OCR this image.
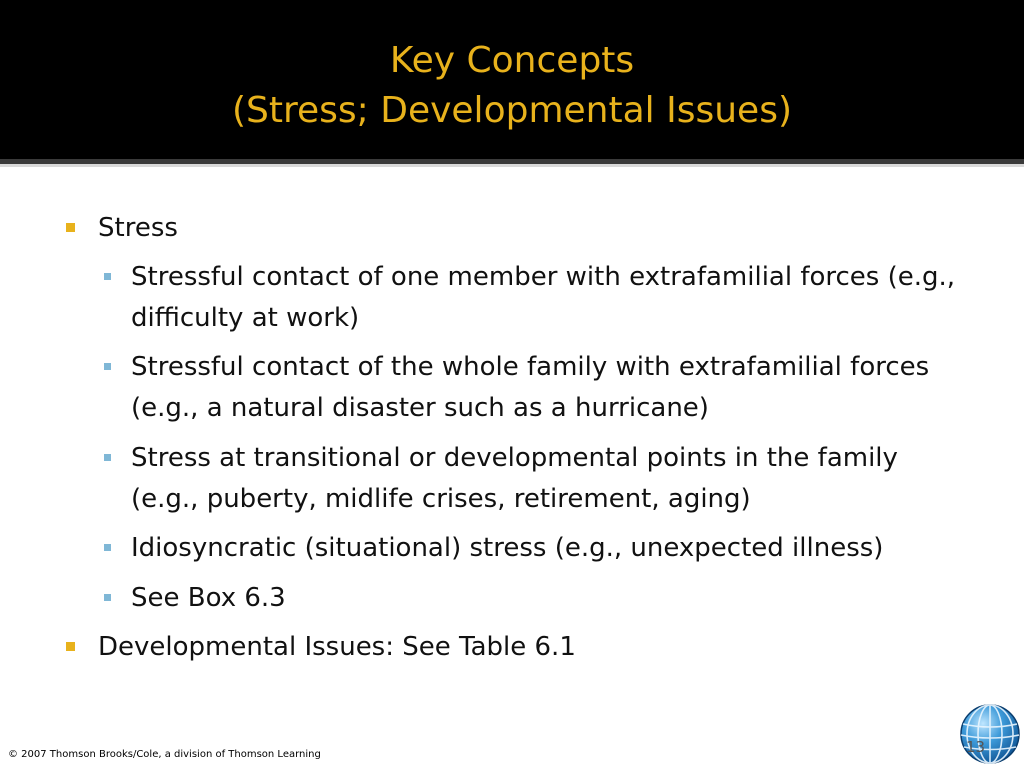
Key Concepts
(Stress; Developmental Issues)
Stress
Stressful contact of one member with extrafamilial forces (e.g., difficulty at work)
Stressful contact of the whole family with extrafamilial forces (e.g., a natural disaster such as a hurricane)
Stress at transitional or developmental points in the family (e.g., puberty, midlife crises, retirement, aging)
Idiosyncratic (situational) stress (e.g., unexpected illness)
See Box 6.3
Developmental Issues: See Table 6.1
© 2007 Thomson Brooks/Cole, a division of Thomson Learning	13
